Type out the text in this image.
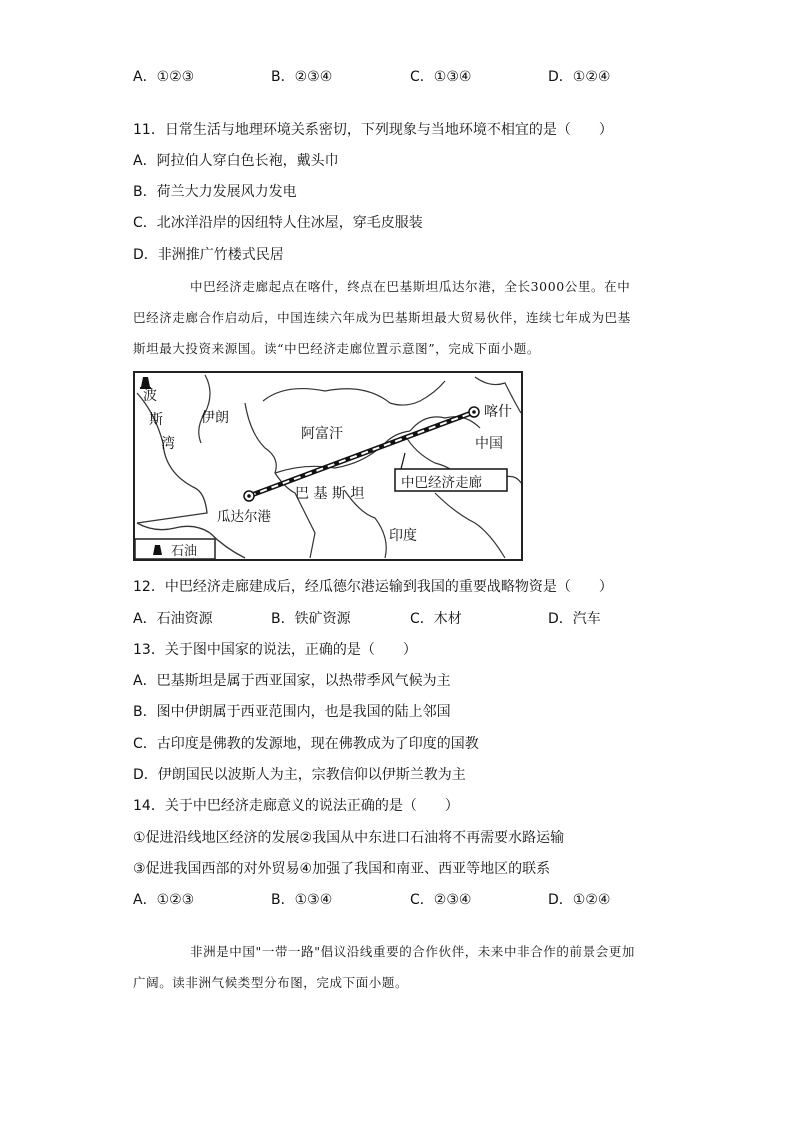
A．①②③	B．②③④	C．①③④	D．①②④
11．日常生活与地理环境关系密切，下列现象与当地环境不相宜的是（　　）
A．阿拉伯人穿白色长袍，戴头巾
B．荷兰大力发展风力发电
C．北冰洋沿岸的因纽特人住冰屋，穿毛皮服装
D．非洲推广竹楼式民居
中巴经济走廊起点在喀什，终点在巴基斯坦瓜达尔港，全长3000公里。在中
巴经济走廊合作启动后，中国连续六年成为巴基斯坦最大贸易伙伴，连续七年成为巴基
斯坦最大投资来源国。读“中巴经济走廊位置示意图”，完成下面小题。
波
斯
湾
伊朗
阿富汗
喀什
中国
中巴经济走廊
巴 基 斯 坦
瓜达尔港
印度
石油
12．中巴经济走廊建成后，经瓜德尔港运输到我国的重要战略物资是（　　）
A．石油资源	B．铁矿资源	C．木材	D．汽车
13．关于图中国家的说法，正确的是（　　）
A．巴基斯坦是属于西亚国家，以热带季风气候为主
B．图中伊朗属于西亚范围内，也是我国的陆上邻国
C．古印度是佛教的发源地，现在佛教成为了印度的国教
D．伊朗国民以波斯人为主，宗教信仰以伊斯兰教为主
14．关于中巴经济走廊意义的说法正确的是（　　）
①促进沿线地区经济的发展②我国从中东进口石油将不再需要水路运输
③促进我国西部的对外贸易④加强了我国和南亚、西亚等地区的联系
A．①②③	B．①③④	C．②③④	D．①②④
非洲是中国"一带一路"倡议沿线重要的合作伙伴，未来中非合作的前景会更加
广阔。读非洲气候类型分布图，完成下面小题。
